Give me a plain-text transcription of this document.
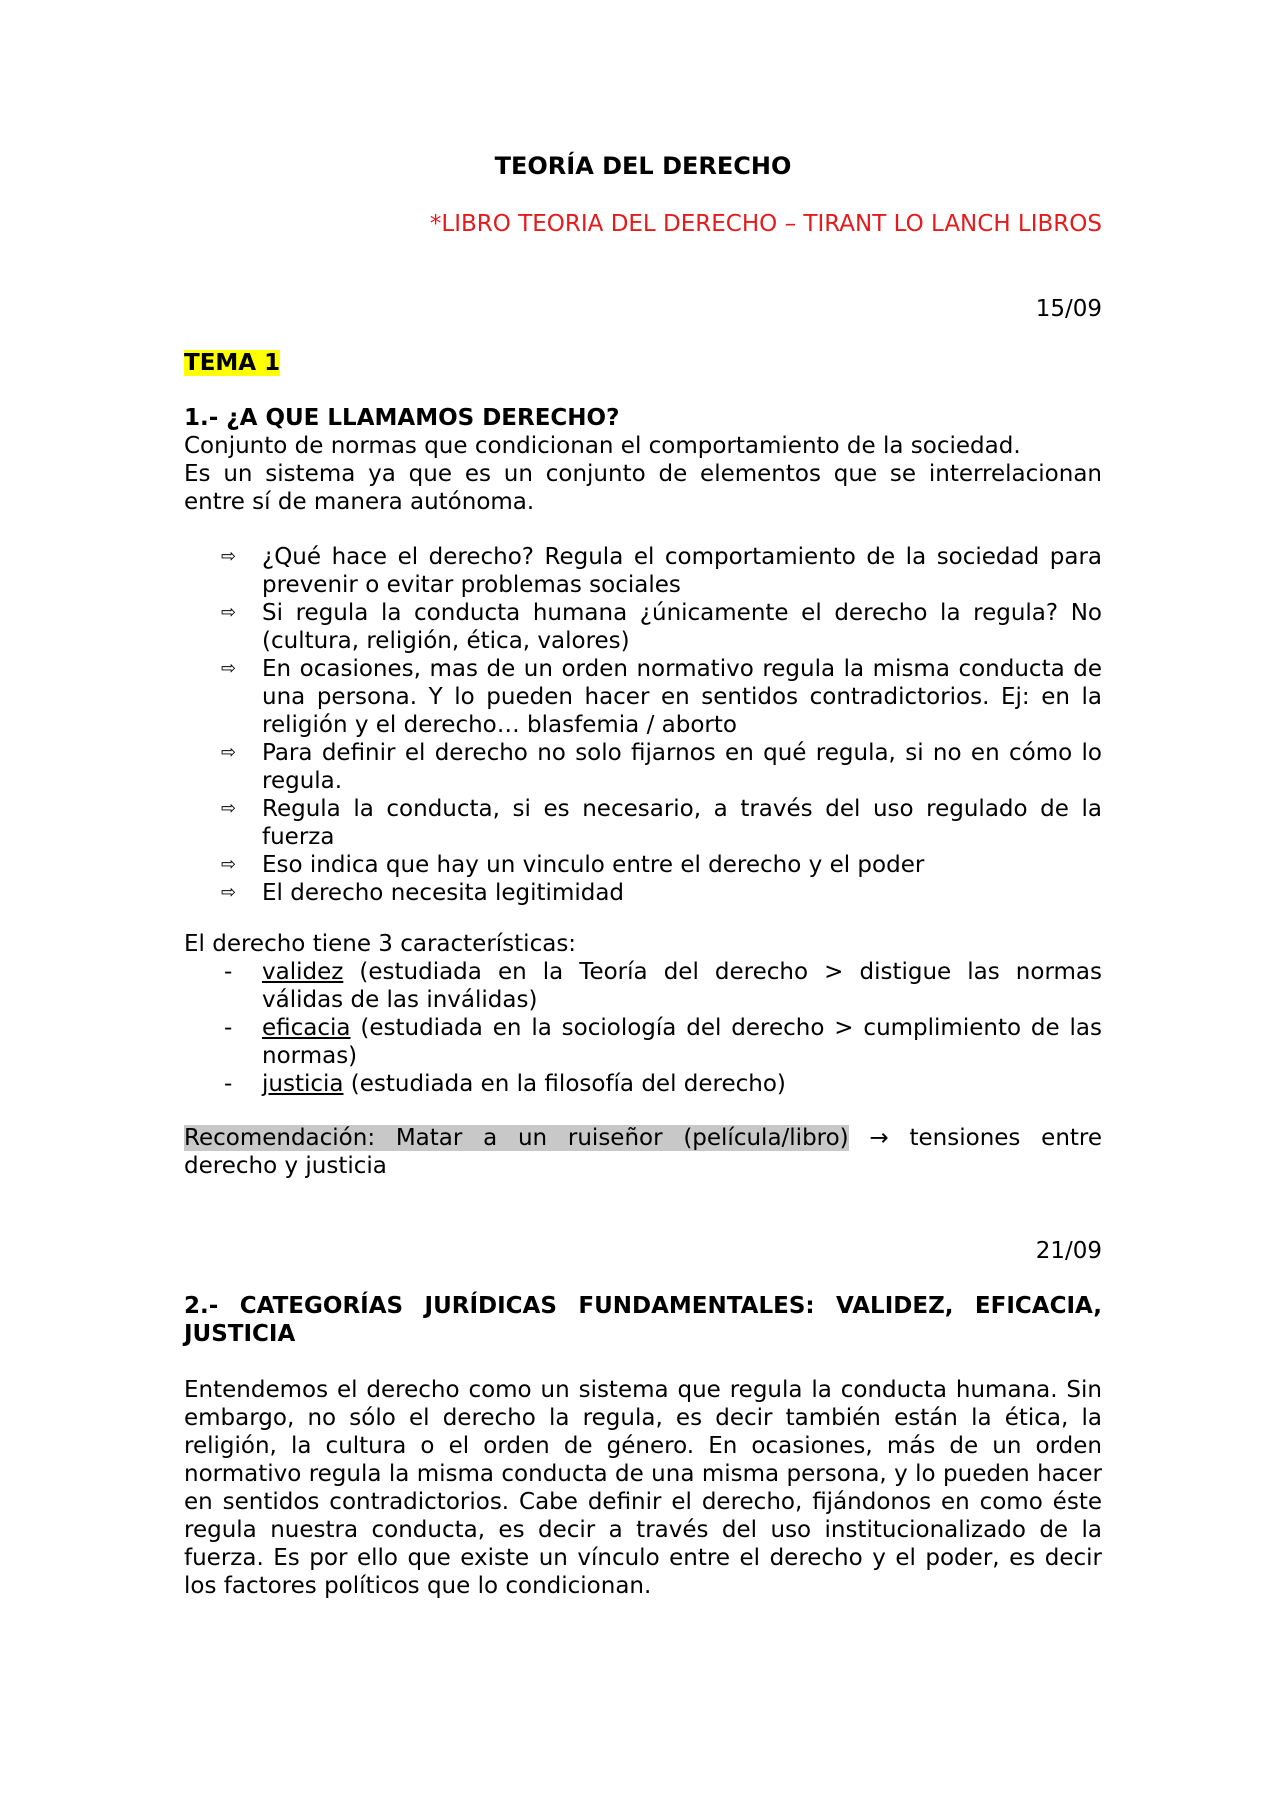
TEORÍA DEL DERECHO
*LIBRO TEORIA DEL DERECHO – TIRANT LO LANCH LIBROS
15/09
TEMA 1
1.- ¿A QUE LLAMAMOS DERECHO?
Conjunto de normas que condicionan el comportamiento de la sociedad.
Es un sistema ya que es un conjunto de elementos que se interrelacionan entre sí de manera autónoma.
⇨ ¿Qué hace el derecho? Regula el comportamiento de la sociedad para prevenir o evitar problemas sociales
⇨ Si regula la conducta humana ¿únicamente el derecho la regula? No (cultura, religión, ética, valores)
⇨ En ocasiones, mas de un orden normativo regula la misma conducta de una persona. Y lo pueden hacer en sentidos contradictorios. Ej: en la religión y el derecho… blasfemia / aborto
⇨ Para definir el derecho no solo fijarnos en qué regula, si no en cómo lo regula.
⇨ Regula la conducta, si es necesario, a través del uso regulado de la fuerza
⇨ Eso indica que hay un vinculo entre el derecho y el poder
⇨ El derecho necesita legitimidad
El derecho tiene 3 características:
- validez (estudiada en la Teoría del derecho > distigue las normas válidas de las inválidas)
- eficacia (estudiada en la sociología del derecho > cumplimiento de las normas)
- justicia (estudiada en la filosofía del derecho)
Recomendación: Matar a un ruiseñor (película/libro) → tensiones entre
derecho y justicia
21/09
2.- CATEGORÍAS JURÍDICAS FUNDAMENTALES: VALIDEZ, EFICACIA, JUSTICIA
Entendemos el derecho como un sistema que regula la conducta humana. Sin embargo, no sólo el derecho la regula, es decir también están la ética, la religión, la cultura o el orden de género. En ocasiones, más de un orden normativo regula la misma conducta de una misma persona, y lo pueden hacer en sentidos contradictorios. Cabe definir el derecho, fijándonos en como éste regula nuestra conducta, es decir a través del uso institucionalizado de la fuerza. Es por ello que existe un vínculo entre el derecho y el poder, es decir los factores políticos que lo condicionan.
